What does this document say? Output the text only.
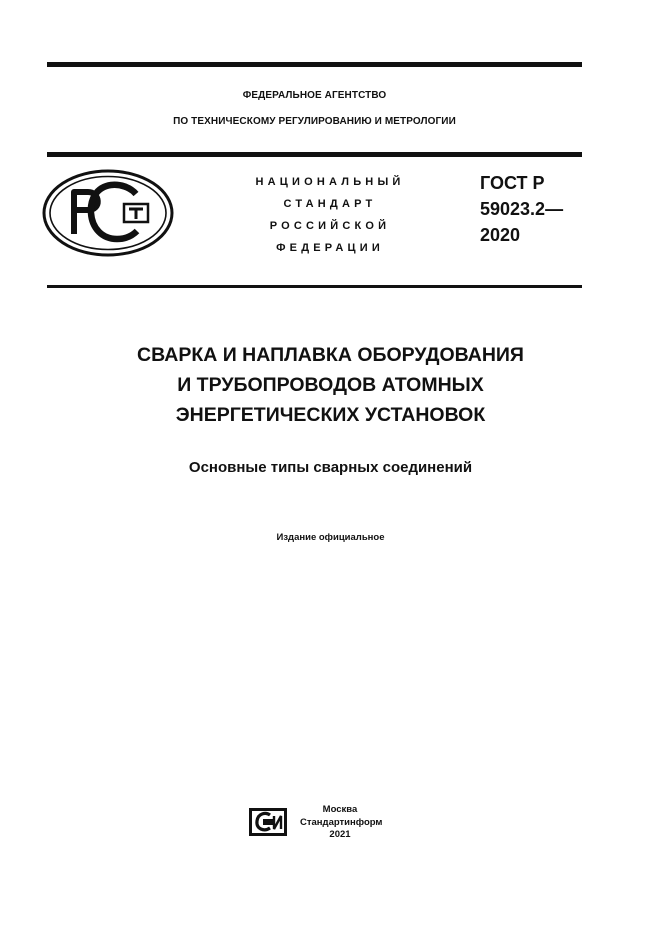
ФЕДЕРАЛЬНОЕ АГЕНТСТВО
ПО ТЕХНИЧЕСКОМУ РЕГУЛИРОВАНИЮ И МЕТРОЛОГИИ
НАЦИОНАЛЬНЫЙ
СТАНДАРТ
РОССИЙСКОЙ
ФЕДЕРАЦИИ
ГОСТ Р
59023.2—
2020
СВАРКА И НАПЛАВКА ОБОРУДОВАНИЯ
И ТРУБОПРОВОДОВ АТОМНЫХ
ЭНЕРГЕТИЧЕСКИХ УСТАНОВОК
Основные типы сварных соединений
Издание официальное
Москва
Стандартинформ
2021
